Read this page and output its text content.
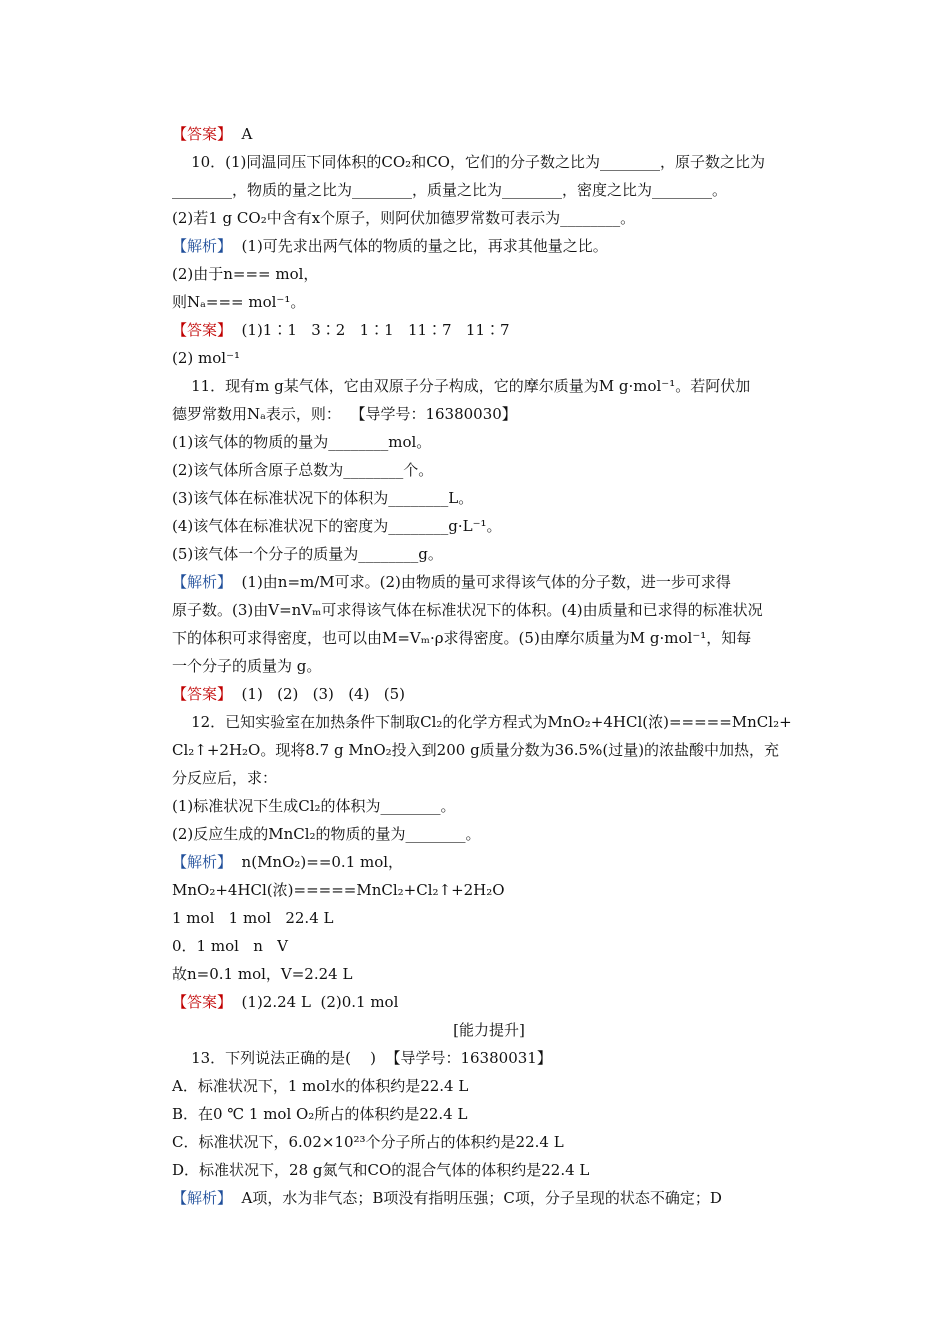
【答案】  A
10．(1)同温同压下同体积的CO₂和CO，它们的分子数之比为________，原子数之比为
________，物质的量之比为________，质量之比为________，密度之比为________。
(2)若1 g CO₂中含有x个原子，则阿伏加德罗常数可表示为________。
【解析】  (1)可先求出两气体的物质的量之比，再求其他量之比。
(2)由于n=== mol，
则Nₐ=== mol⁻¹。
【答案】  (1)1∶1   3∶2   1∶1   11∶7   11∶7
(2) mol⁻¹
11．现有m g某气体，它由双原子分子构成，它的摩尔质量为M g·mol⁻¹。若阿伏加
德罗常数用Nₐ表示，则：  【导学号：16380030】
(1)该气体的物质的量为________mol。
(2)该气体所含原子总数为________个。
(3)该气体在标准状况下的体积为________L。
(4)该气体在标准状况下的密度为________g·L⁻¹。
(5)该气体一个分子的质量为________g。
【解析】  (1)由n=m/M可求。(2)由物质的量可求得该气体的分子数，进一步可求得
原子数。(3)由V=nVₘ可求得该气体在标准状况下的体积。(4)由质量和已求得的标准状况
下的体积可求得密度，也可以由M=Vₘ·ρ求得密度。(5)由摩尔质量为M g·mol⁻¹，知每
一个分子的质量为 g。
【答案】  (1)   (2)   (3)   (4)   (5)
12．已知实验室在加热条件下制取Cl₂的化学方程式为MnO₂+4HCl(浓)=====MnCl₂+
Cl₂↑+2H₂O。现将8.7 g MnO₂投入到200 g质量分数为36.5%(过量)的浓盐酸中加热，充
分反应后，求：
(1)标准状况下生成Cl₂的体积为________。
(2)反应生成的MnCl₂的物质的量为________。
【解析】  n(MnO₂)==0.1 mol，
MnO₂+4HCl(浓)=====MnCl₂+Cl₂↑+2H₂O
1 mol   1 mol   22.4 L
0．1 mol   n   V
故n=0.1 mol，V=2.24 L
【答案】  (1)2.24 L  (2)0.1 mol
[能力提升]
13．下列说法正确的是(    )  【导学号：16380031】
A．标准状况下，1 mol水的体积约是22.4 L
B．在0 ℃ 1 mol O₂所占的体积约是22.4 L
C．标准状况下，6.02×10²³个分子所占的体积约是22.4 L
D．标准状况下，28 g氮气和CO的混合气体的体积约是22.4 L
【解析】  A项，水为非气态；B项没有指明压强；C项，分子呈现的状态不确定；D
